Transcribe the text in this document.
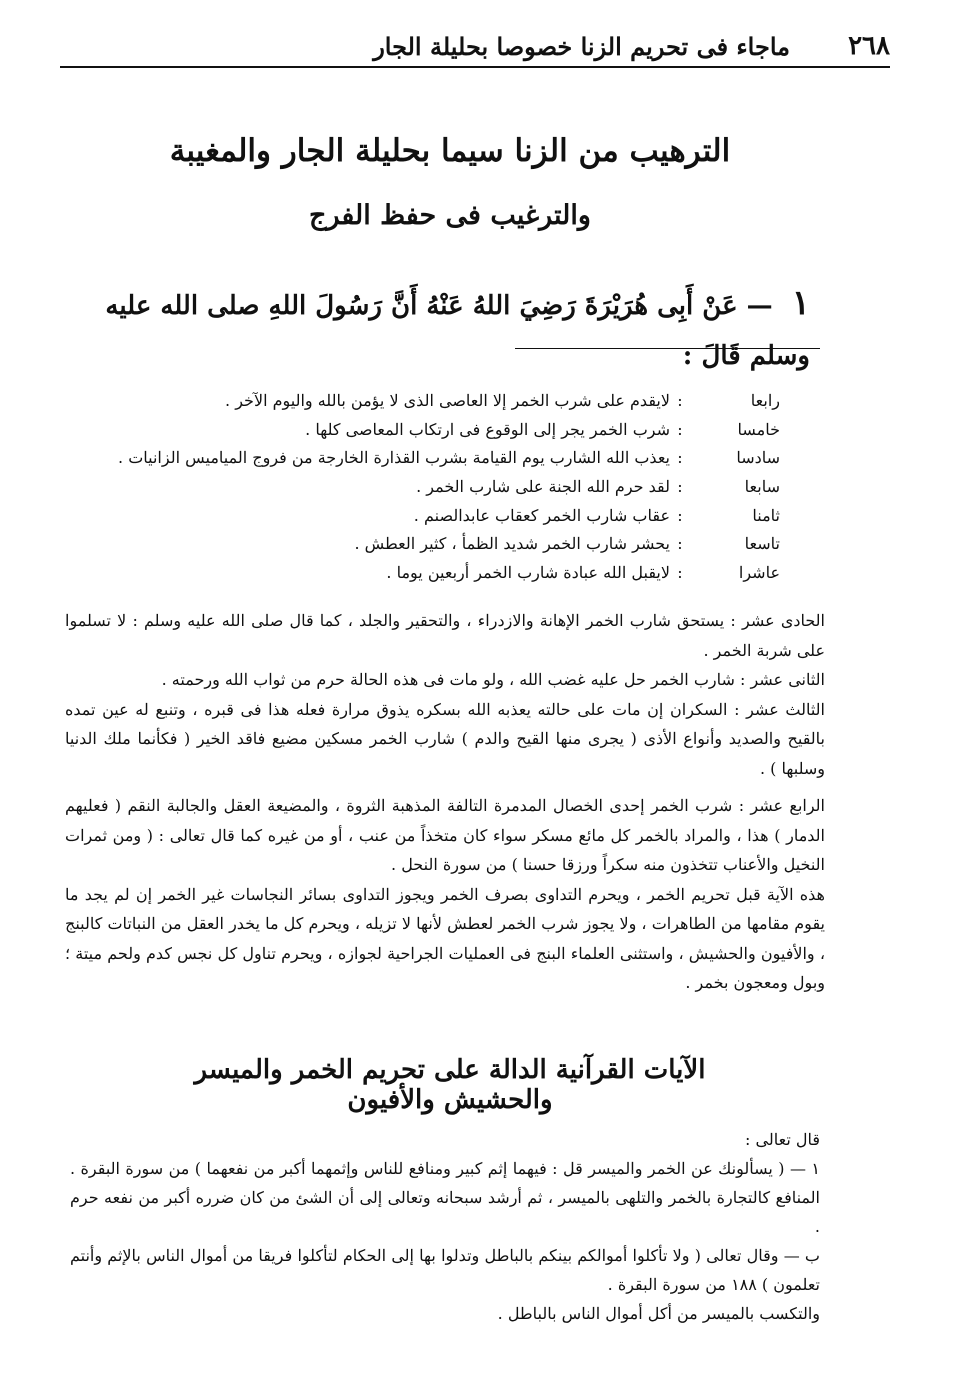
٢٦٨
ماجاء فى تحريم الزنا خصوصا بحليلة الجار
الترهيب من الزنا سيما بحليلة الجار والمغيبة
والترغيب فى حفظ الفرج
١ — عَنْ أَبِى هُرَيْرَةَ رَضِيَ اللهُ عَنْهُ أَنَّ رَسُولَ اللهِ صلى الله عليه وسلم قَالَ :
رابعا
:
لايقدم على شرب الخمر إلا العاصى الذى لا يؤمن بالله واليوم الآخر .
خامسا
:
شرب الخمر يجر إلى الوقوع فى ارتكاب المعاصى كلها .
سادسا
:
يعذب الله الشارب يوم القيامة بشرب القذارة الخارجة من فروج المياميس الزانيات .
سابعا
:
لقد حرم الله الجنة على شارب الخمر .
ثامنا
:
عقاب شارب الخمر كعقاب عابدالصنم .
تاسعا
:
يحشر شارب الخمر شديد الظمأ ، كثير العطش .
عاشرا
:
لايقبل الله عبادة شارب الخمر أربعين يوما .

الحادى عشر : يستحق شارب الخمر الإهانة والازدراء ، والتحقير والجلد ، كما قال صلى الله عليه وسلم : لا تسلموا على شربة الخمر .

الثانى عشر : شارب الخمر حل عليه غضب الله ، ولو مات فى هذه الحالة حرم من ثواب الله ورحمته .

الثالث عشر : السكران إن مات على حالته يعذبه الله بسكره يذوق مرارة فعله هذا فى قبره ، وتنبع له عين تمده بالقيح والصديد وأنواع الأذى ( يجرى منها القيح والدم ) شارب الخمر مسكين مضيع فاقد الخير ( فكأنما ملك الدنيا وسلبها ) .

الرابع عشر : شرب الخمر إحدى الخصال المدمرة التالفة المذهبة الثروة ، والمضيعة العقل والجالبة النقم ( فعليهم الدمار ) هذا ، والمراد بالخمر كل مائع مسكر سواء كان متخذاً من عنب ، أو من غيره كما قال تعالى : ( ومن ثمرات النخيل والأعناب تتخذون منه سكراً ورزقا حسنا ) من سورة النحل .

هذه الآية قبل تحريم الخمر ، ويحرم التداوى بصرف الخمر ويجوز التداوى بسائر النجاسات غير الخمر إن لم يجد ما يقوم مقامها من الطاهرات ، ولا يجوز شرب الخمر لعطش لأنها لا تزيله ، ويحرم كل ما يخدر العقل من النباتات كالبنج ، والأفيون والحشيش ، واستثنى العلماء البنج فى العمليات الجراحية لجوازه ، ويحرم تناول كل نجس كدم ولحم ميتة ؛ وبول ومعجون بخمر .

الآيات القرآنية الدالة على تحريم الخمر والميسر والحشيش والأفيون

قال تعالى :

١ — ( يسألونك عن الخمر والميسر قل : فيهما إثم كبير ومنافع للناس وإثمهما أكبر من نفعهما ) من سورة البقرة . المنافع كالتجارة بالخمر والتلهى بالميسر ، ثم أرشد سبحانه وتعالى إلى أن الشئ من كان ضرره أكبر من نفعه حرم .

ب — وقال تعالى ( ولا تأكلوا أموالكم بينكم بالباطل وتدلوا بها إلى الحكام لتأكلوا فريقا من أموال الناس بالإثم وأنتم تعلمون ) ١٨٨ من سورة البقرة .

والتكسب بالميسر من أكل أموال الناس بالباطل .
